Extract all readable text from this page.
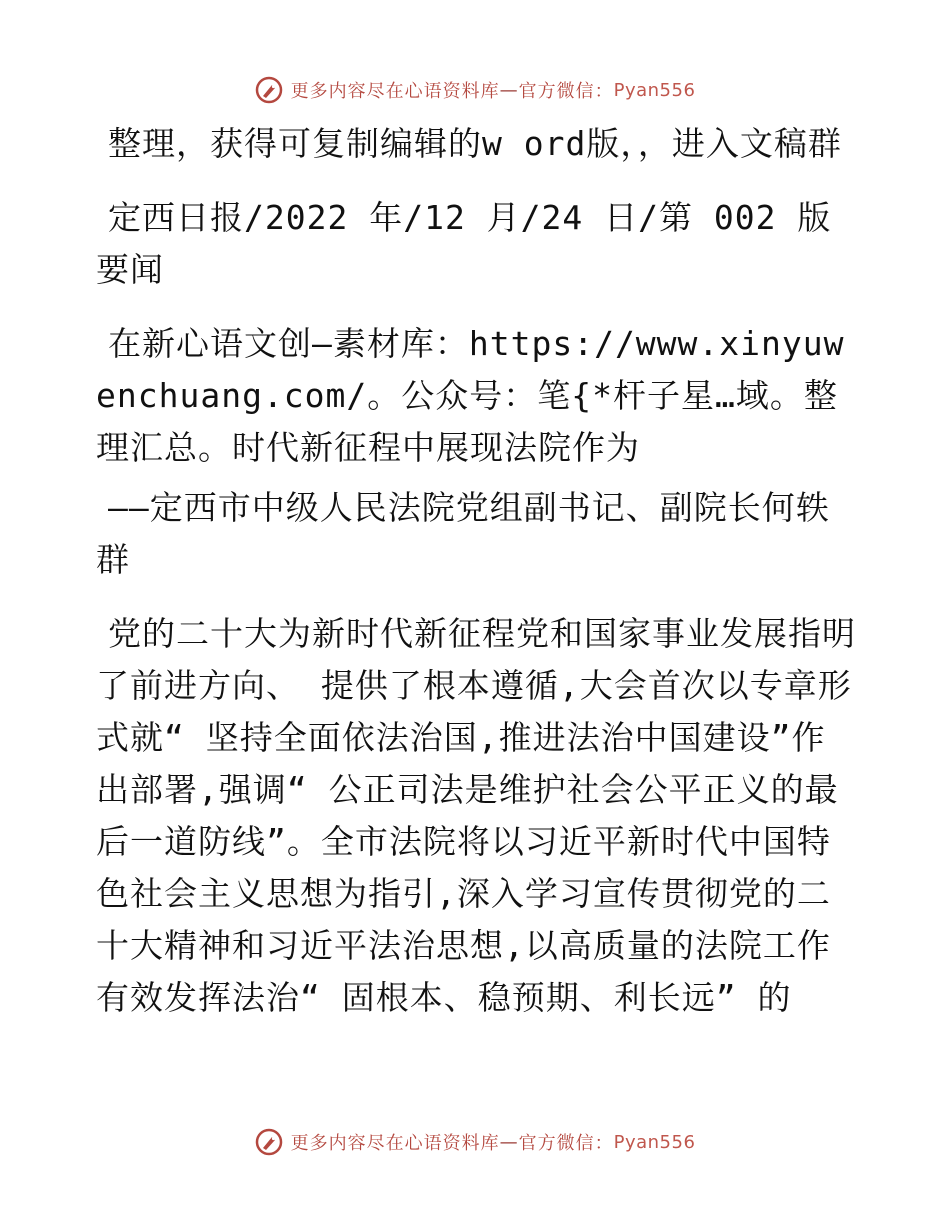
更多内容尽在心语资料库 — 官方微信： Pyan556

整理，获得可复制编辑的w ord版，，进入文稿群

定西日报/2022 年/12 月/24 日/第 002 版要闻

在新心语文创—素材库：https://www.xinyuwenchuang.com/。公众号：笔{*杆子星…域。整理汇总。时代新征程中展现法院作为

——定西市中级人民法院党组副书记、副院长何轶群

党的二十大为新时代新征程党和国家事业发展指明了前进方向、 提供了根本遵循,大会首次以专章形式就“ 坚持全面依法治国,推进法治中国建设”作出部署,强调“ 公正司法是维护社会公平正义的最后一道防线”。全市法院将以习近平新时代中国特色社会主义思想为指引,深入学习宣传贯彻党的二十大精神和习近平法治思想,以高质量的法院工作有效发挥法治“ 固根本、稳预期、利长远” 的

更多内容尽在心语资料库 — 官方微信： Pyan556
